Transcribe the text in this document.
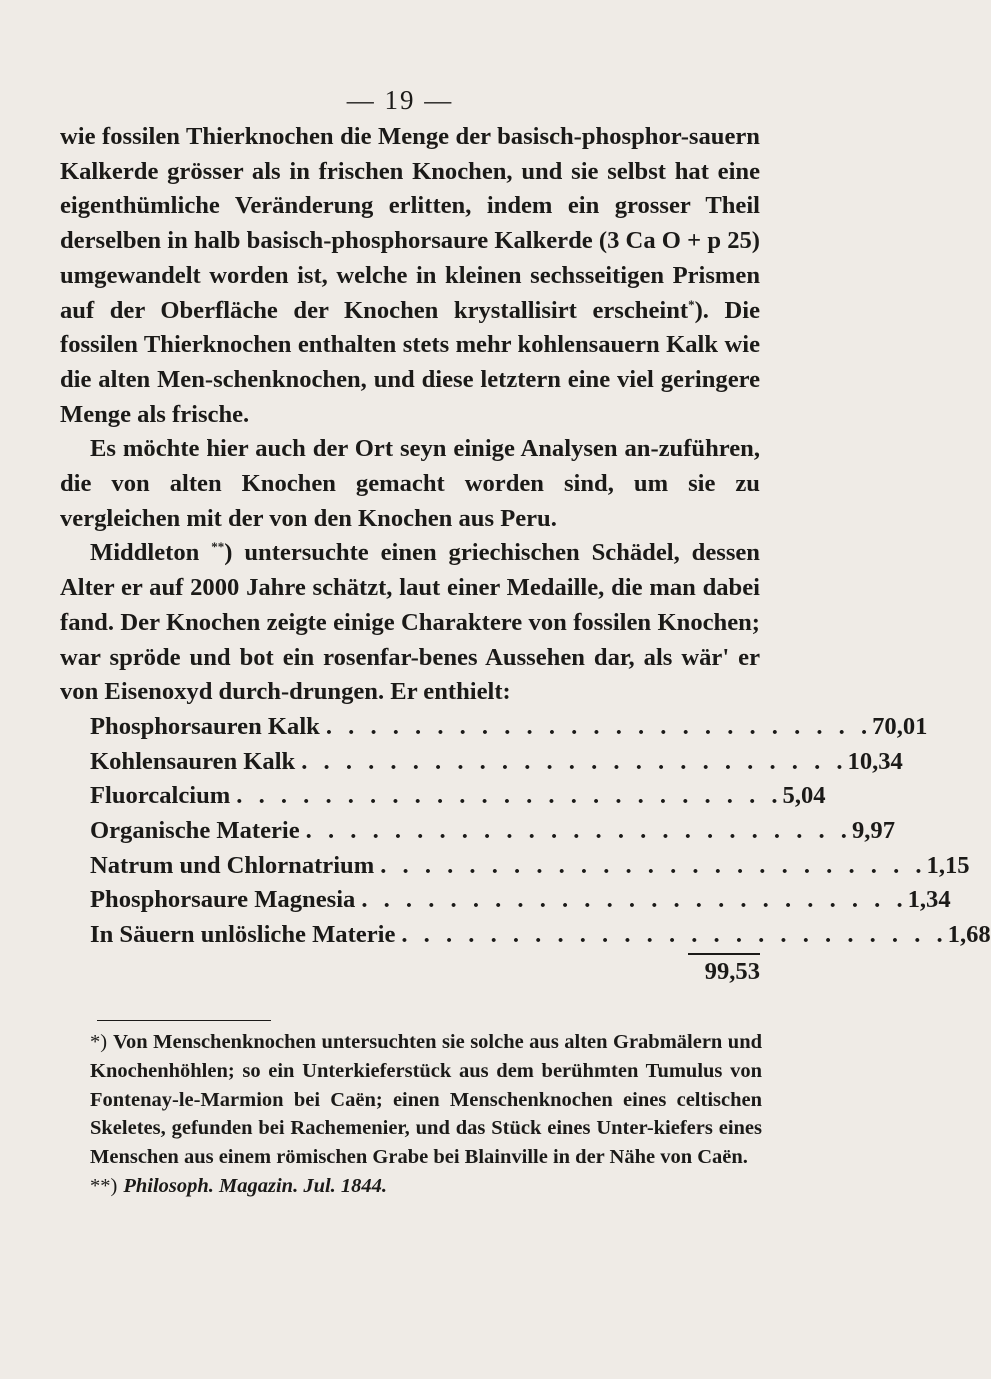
— 19 —

wie fossilen Thierknochen die Menge der basisch-phosphor-sauern Kalkerde grösser als in frischen Knochen, und sie selbst hat eine eigenthümliche Veränderung erlitten, indem ein grosser Theil derselben in halb basisch-phosphorsaure Kalkerde (3 Ca O + p 25) umgewandelt worden ist, welche in kleinen sechsseitigen Prismen auf der Oberfläche der Knochen krystallisirt erscheint*). Die fossilen Thierknochen enthalten stets mehr kohlensauern Kalk wie die alten Men-schenknochen, und diese letztern eine viel geringere Menge als frische.

Es möchte hier auch der Ort seyn einige Analysen an-zuführen, die von alten Knochen gemacht worden sind, um sie zu vergleichen mit der von den Knochen aus Peru.

Middleton **) untersuchte einen griechischen Schädel, dessen Alter er auf 2000 Jahre schätzt, laut einer Medaille, die man dabei fand. Der Knochen zeigte einige Charaktere von fossilen Knochen; war spröde und bot ein rosenfar-benes Aussehen dar, als wär' er von Eisenoxyd durch-drungen. Er enthielt:

Phosphorsauren Kalk . . . . . . . . . . . . . . . . . . . . . . . . . 70,01
Kohlensauren Kalk . . . . . . . . . . . . . . . . . . . . . . . . . 10,34
Fluorcalcium . . . . . . . . . . . . . . . . . . . . . . . . . 5,04
Organische Materie . . . . . . . . . . . . . . . . . . . . . . . . . 9,97
Natrum und Chlornatrium . . . . . . . . . . . . . . . . . . . . . . . . . 1,15
Phosphorsaure Magnesia . . . . . . . . . . . . . . . . . . . . . . . . . 1,34
In Säuern unlösliche Materie . . . . . . . . . . . . . . . . . . . . . . . . . 1,68
99,53

*) Von Menschenknochen untersuchten sie solche aus alten Grabmälern und Knochenhöhlen; so ein Unterkieferstück aus dem berühmten Tumulus von Fontenay-le-Marmion bei Caën; einen Menschenknochen eines celtischen Skeletes, gefunden bei Rachemenier, und das Stück eines Unter-kiefers eines Menschen aus einem römischen Grabe bei Blainville in der Nähe von Caën.

**) Philosoph. Magazin. Jul. 1844.
